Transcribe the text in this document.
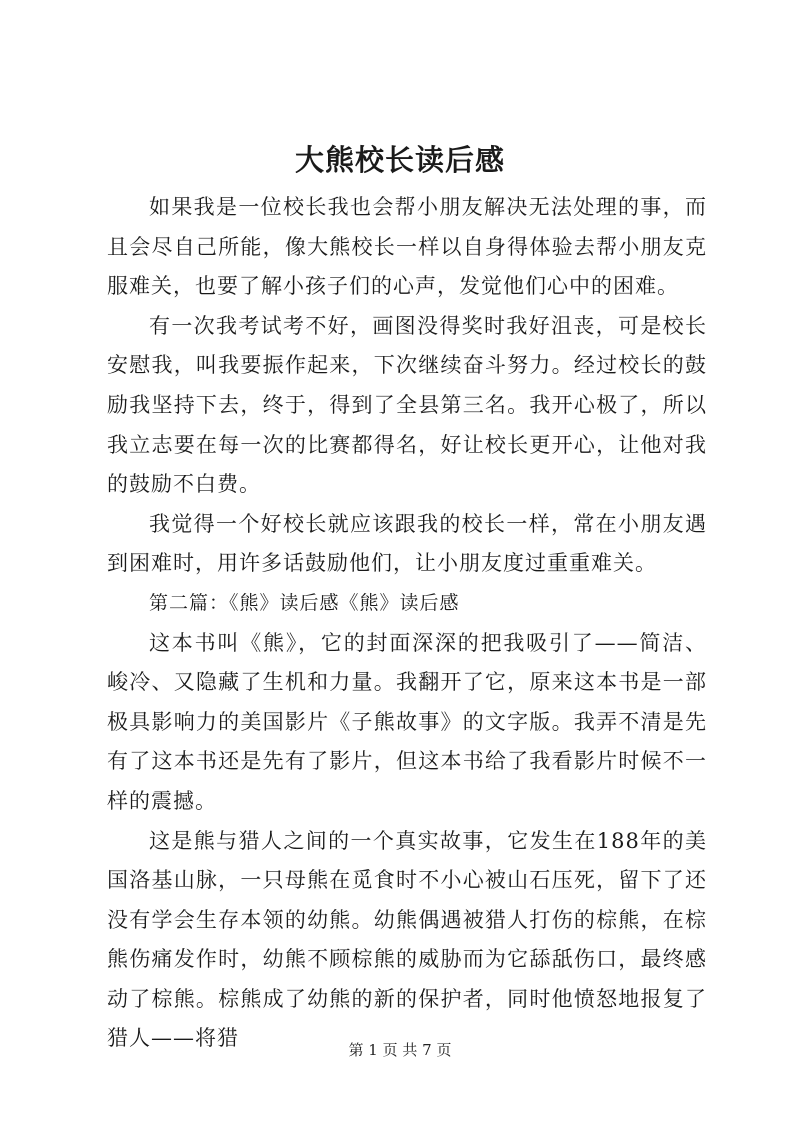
大熊校长读后感

如果我是一位校长我也会帮小朋友解决无法处理的事，而且会尽自己所能，像大熊校长一样以自身得体验去帮小朋友克服难关，也要了解小孩子们的心声，发觉他们心中的困难。

有一次我考试考不好，画图没得奖时我好沮丧，可是校长安慰我，叫我要振作起来，下次继续奋斗努力。经过校长的鼓励我坚持下去，终于，得到了全县第三名。我开心极了，所以我立志要在每一次的比赛都得名，好让校长更开心，让他对我的鼓励不白费。

我觉得一个好校长就应该跟我的校长一样，常在小朋友遇到困难时，用许多话鼓励他们，让小朋友度过重重难关。

第二篇：《熊》读后感《熊》读后感

这本书叫《熊》，它的封面深深的把我吸引了——简洁、峻冷、又隐藏了生机和力量。我翻开了它，原来这本书是一部极具影响力的美国影片《子熊故事》的文字版。我弄不清是先有了这本书还是先有了影片，但这本书给了我看影片时候不一样的震撼。

这是熊与猎人之间的一个真实故事，它发生在188年的美国洛基山脉，一只母熊在觅食时不小心被山石压死，留下了还没有学会生存本领的幼熊。幼熊偶遇被猎人打伤的棕熊，在棕熊伤痛发作时，幼熊不顾棕熊的威胁而为它舔舐伤口，最终感动了棕熊。棕熊成了幼熊的新的保护者，同时他愤怒地报复了猎人——将猎	第 1 页 共 7 页
